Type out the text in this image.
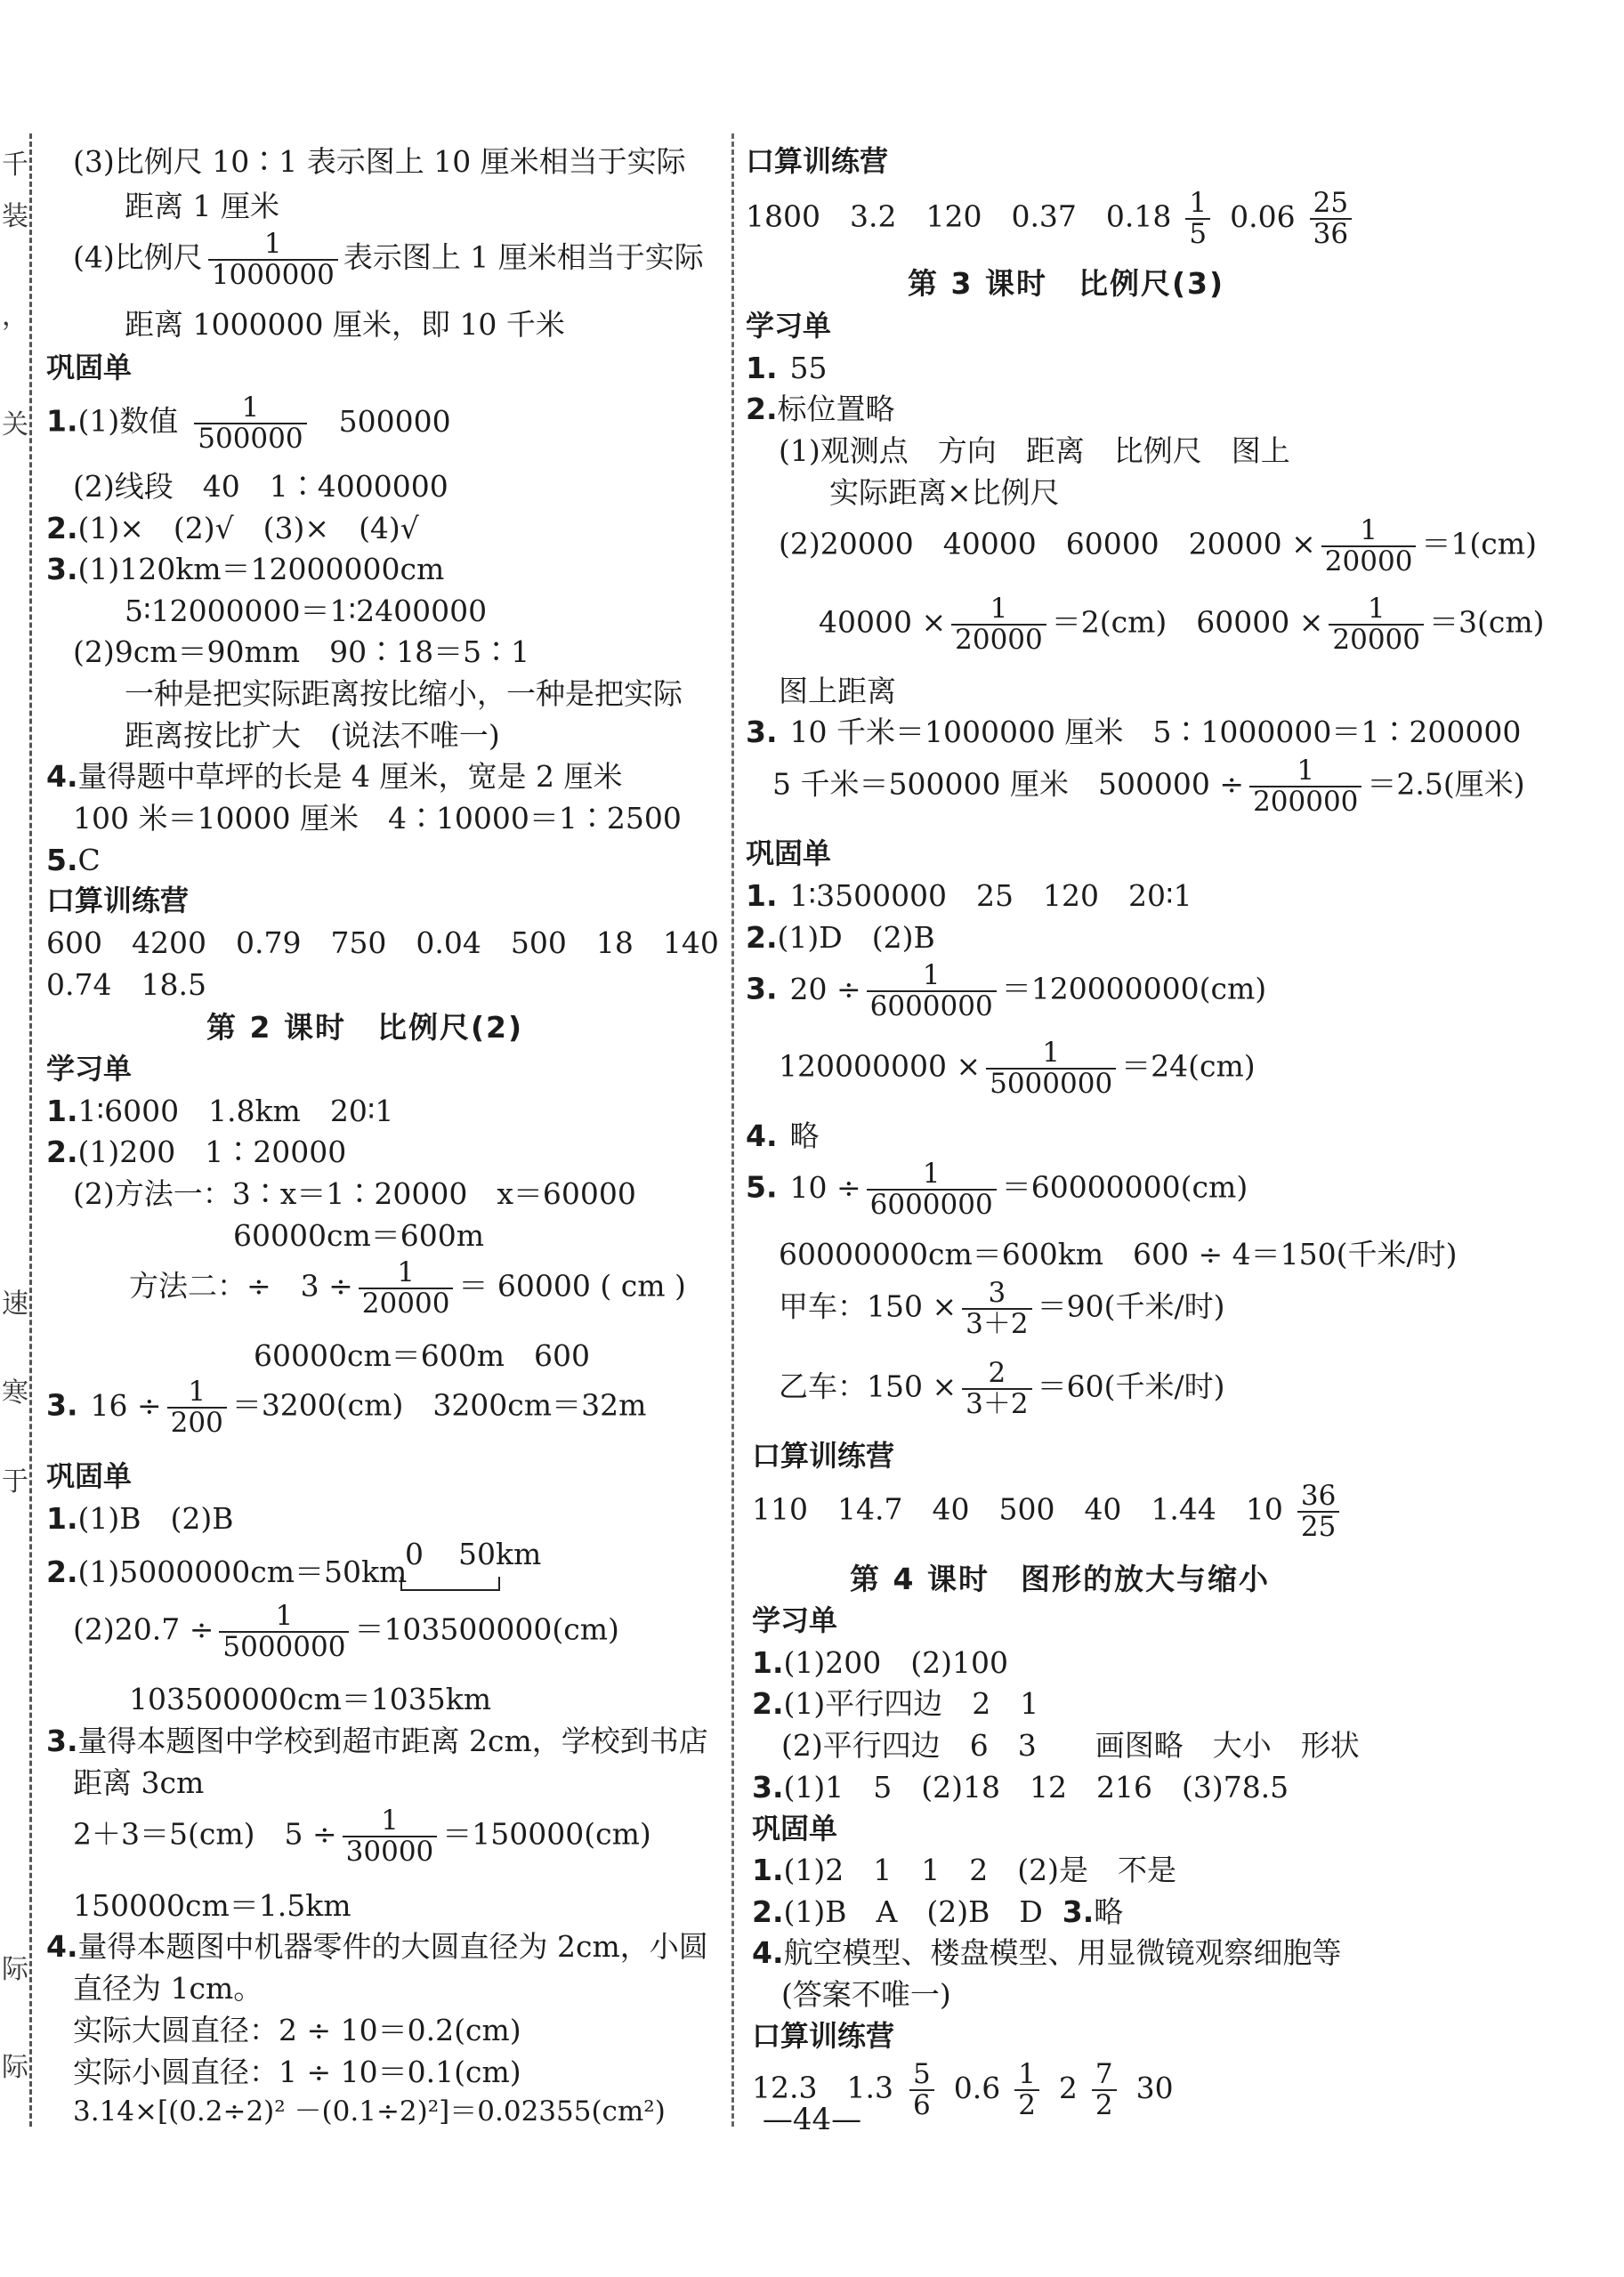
千
装
，
关
速
寒
于
际
际
(3)比例尺 10∶1 表示图上 10 厘米相当于实际
距离 1 厘米
(4)比例尺 $\frac{1}{1000000}$ 表示图上 1 厘米相当于实际
距离 1000000 厘米，即 10 千米
巩固单
1.(1)数值 $\frac{1}{500000} 500000$
(2)线段　40　1∶4000000
2.(1)×　(2)√　(3)×　(4)√
3.(1)120km＝12000000cm
5∶12000000＝1∶2400000
(2)9cm＝90mm　90∶18＝5∶1
一种是把实际距离按比缩小，一种是把实际
距离按比扩大　(说法不唯一)
4.量得题中草坪的长是 4 厘米，宽是 2 厘米
100 米＝10000 厘米　4∶10000＝1∶2500
5.C
口算训练营
600　4200　0.79　750　0.04　500　18　140
0.74　18.5
第 2 课时　比例尺(2)
学习单
1.1∶6000　1.8km　20∶1
2.(1)200　1∶20000
(2)方法一：3∶x＝1∶20000　x＝60000
60000cm＝600m
方法二：÷　$3 \div \frac{1}{20000} = 60000$ ( cm )
60000cm＝600m　600
3. $16 \div \frac{1}{200} =3200(cm)$　3200cm＝32m
巩固单
1.(1)B　(2)B
2.(1)5000000cm＝50km
0 50km
$(2)20.7 \div \frac{1}{5000000} =103500000(cm)$
103500000cm＝1035km
3.量得本题图中学校到超市距离 2cm，学校到书店
距离 3cm
2＋3＝5(cm)　$5 \div \frac{1}{30000} =150000(cm)$
150000cm＝1.5km
4.量得本题图中机器零件的大圆直径为 2cm，小圆
直径为 1cm。
实际大圆直径：2 ÷ 10＝0.2(cm)
实际小圆直径：1 ÷ 10＝0.1(cm)
3.14×[(0.2÷2)² －(0.1÷2)²]＝0.02355(cm²)
口算训练营
1800　3.2　120　0.37　$0.18 \frac{1}{5} 0.06 \frac{25}{36}$
第 3 课时　比例尺(3)
学习单
1. 55
2.标位置略
(1)观测点　方向　距离　比例尺　图上
实际距离×比例尺
(2)20000　40000　60000　$20000 \times \frac{1}{20000} =1(cm)$
$40000 \times \frac{1}{20000} =2(cm)$　$60000 \times \frac{1}{20000} =3(cm)$
图上距离
3. 10 千米＝1000000 厘米　5∶1000000＝1∶200000
5 千米＝500000 厘米　$500000 \div \frac{1}{200000} =2.5$(厘米)
巩固单
1. 1∶3500000　25　120　20∶1
2.(1)D　(2)B
3. $20 \div \frac{1}{6000000} =120000000(cm)$
$120000000 \times \frac{1}{5000000} =24(cm)$
4. 略
5. $10 \div \frac{1}{6000000} =60000000(cm)$
60000000cm＝600km　600 ÷ 4＝150(千米/时)
甲车：$150 \times \frac{3}{3+2} =90$(千米/时)
乙车：$150 \times \frac{2}{3+2} =60$(千米/时)
口算训练营
110　14.7　40　500　40　1.44　$10 \frac{36}{25}$
第 4 课时　图形的放大与缩小
学习单
1.(1)200　(2)100
2.(1)平行四边　2　1
(2)平行四边　6　3　　画图略　大小　形状
3.(1)1　5　(2)18　12　216　(3)78.5
巩固单
1.(1)2　1　1　2　(2)是　不是
2.(1)B　A　(2)B　D 3.略
4.航空模型、楼盘模型、用显微镜观察细胞等
(答案不唯一)
口算训练营
12.3　$1.3 \frac{5}{6} 0.6 \frac{1}{2} 2 \frac{7}{2} 30$
—44—
